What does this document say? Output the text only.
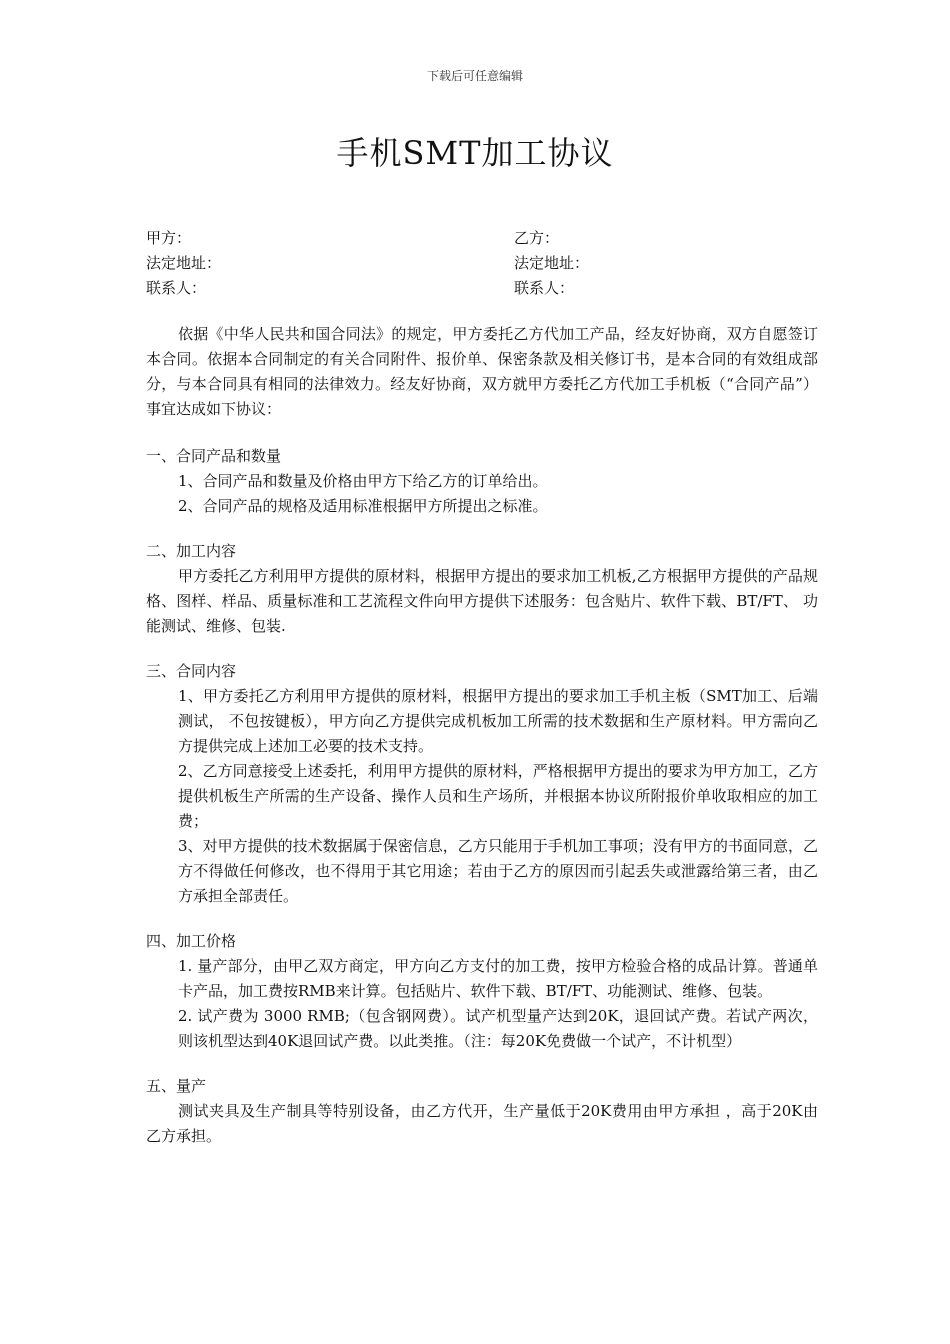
下载后可任意编辑
手机SMT加工协议
甲方：	乙方：
法定地址：	法定地址：
联系人：	联系人：

依据《中华人民共和国合同法》的规定，甲方委托乙方代加工产品，经友好协商，双方自愿签订本合同。依据本合同制定的有关合同附件、报价单、保密条款及相关修订书，是本合同的有效组成部分，与本合同具有相同的法律效力。经友好协商，双方就甲方委托乙方代加工手机板（“合同产品”）事宜达成如下协议：

一、合同产品和数量

1、合同产品和数量及价格由甲方下给乙方的订单给出。

2、合同产品的规格及适用标准根据甲方所提出之标准。

二、加工内容

甲方委托乙方利用甲方提供的原材料，根据甲方提出的要求加工机板,乙方根据甲方提供的产品规格、图样、样品、质量标准和工艺流程文件向甲方提供下述服务：包含贴片、软件下载、BT/FT、 功能测试、维修、包装.

三、合同内容

1、甲方委托乙方利用甲方提供的原材料，根据甲方提出的要求加工手机主板（SMT加工、后端测试， 不包按键板），甲方向乙方提供完成机板加工所需的技术数据和生产原材料。甲方需向乙方提供完成上述加工必要的技术支持。

2、乙方同意接受上述委托，利用甲方提供的原材料，严格根据甲方提出的要求为甲方加工，乙方提供机板生产所需的生产设备、操作人员和生产场所，并根据本协议所附报价单收取相应的加工费；

3、对甲方提供的技术数据属于保密信息，乙方只能用于手机加工事项；没有甲方的书面同意，乙方不得做任何修改，也不得用于其它用途；若由于乙方的原因而引起丢失或泄露给第三者，由乙方承担全部责任。

四、加工价格

1. 量产部分，由甲乙双方商定，甲方向乙方支付的加工费，按甲方检验合格的成品计算。普通单卡产品，加工费按RMB来计算。包括贴片、软件下载、BT/FT、功能测试、维修、包装。

2. 试产费为 3000 RMB;（包含钢网费）。试产机型量产达到20K，退回试产费。若试产两次，则该机型达到40K退回试产费。以此类推。（注：每20K免费做一个试产，不计机型）

五、量产

测试夹具及生产制具等特别设备，由乙方代开，生产量低于20K费用由甲方承担 ，高于20K由 乙方承担。
